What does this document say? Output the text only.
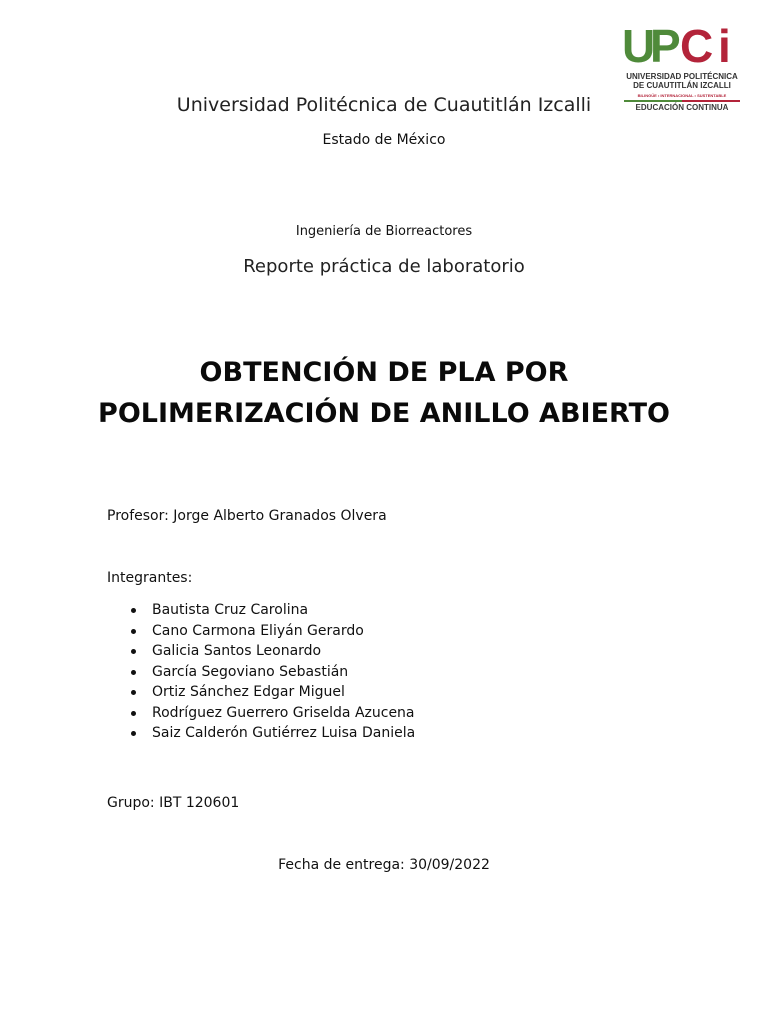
U
P C i
UNIVERSIDAD POLITÉCNICA
DE CUAUTITLÁN IZCALLI
BILINGÜE • INTERNACIONAL • SUSTENTABLE
EDUCACIÓN CONTINUA
Universidad Politécnica de Cuautitlán Izcalli
Estado de México
Ingeniería de Biorreactores
Reporte práctica de laboratorio
OBTENCIÓN DE PLA POR
POLIMERIZACIÓN DE ANILLO ABIERTO
Profesor: Jorge Alberto Granados Olvera
Integrantes:
Bautista Cruz Carolina
Cano Carmona Eliyán Gerardo
Galicia Santos Leonardo
García Segoviano Sebastián
Ortiz Sánchez Edgar Miguel
Rodríguez Guerrero Griselda Azucena
Saiz Calderón Gutiérrez Luisa Daniela
Grupo: IBT 120601
Fecha de entrega: 30/09/2022
